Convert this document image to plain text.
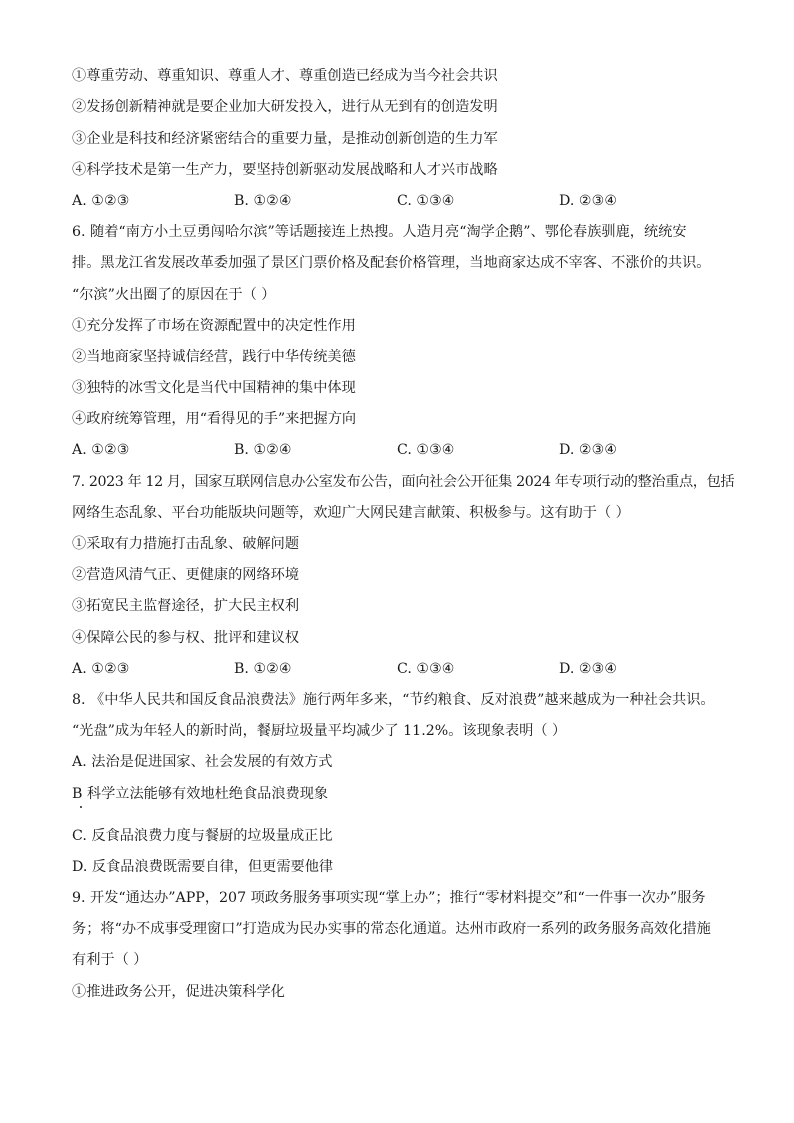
①尊重劳动、尊重知识、尊重人才、尊重创造已经成为当今社会共识
②发扬创新精神就是要企业加大研发投入，进行从无到有的创造发明
③企业是科技和经济紧密结合的重要力量，是推动创新创造的生力军
④科学技术是第一生产力，要坚持创新驱动发展战略和人才兴市战略
A. ①②③	B. ①②④	C. ①③④	D. ②③④
6. 随着“南方小土豆勇闯哈尔滨”等话题接连上热搜。人造月亮“淘学企鹅”、鄂伦春族驯鹿，统统安
排。黑龙江省发展改革委加强了景区门票价格及配套价格管理，当地商家达成不宰客、不涨价的共识。
“尔滨”火出圈了的原因在于（ ）
①充分发挥了市场在资源配置中的决定性作用
②当地商家坚持诚信经营，践行中华传统美德
③独特的冰雪文化是当代中国精神的集中体现
④政府统筹管理，用“看得见的手”来把握方向
A. ①②③	B. ①②④	C. ①③④	D. ②③④
7. 2023 年 12 月，国家互联网信息办公室发布公告，面向社会公开征集 2024 年专项行动的整治重点，包括
网络生态乱象、平台功能版块问题等，欢迎广大网民建言献策、积极参与。这有助于（ ）
①采取有力措施打击乱象、破解问题
②营造风清气正、更健康的网络环境
③拓宽民主监督途径，扩大民主权利
④保障公民的参与权、批评和建议权
A. ①②③	B. ①②④	C. ①③④	D. ②③④
8. 《中华人民共和国反食品浪费法》施行两年多来，“节约粮食、反对浪费”越来越成为一种社会共识。
“光盘”成为年轻人的新时尚，餐厨垃圾量平均减少了 11.2%。该现象表明（ ）
A. 法治是促进国家、社会发展的有效方式
B 科学立法能够有效地杜绝食品浪费现象
C. 反食品浪费力度与餐厨的垃圾量成正比
D. 反食品浪费既需要自律，但更需要他律
9. 开发“通达办”APP，207 项政务服务事项实现“掌上办”；推行“零材料提交”和“一件事一次办”服务
务；将“办不成事受理窗口”打造成为民办实事的常态化通道。达州市政府一系列的政务服务高效化措施
有利于（ ）
①推进政务公开，促进决策科学化
